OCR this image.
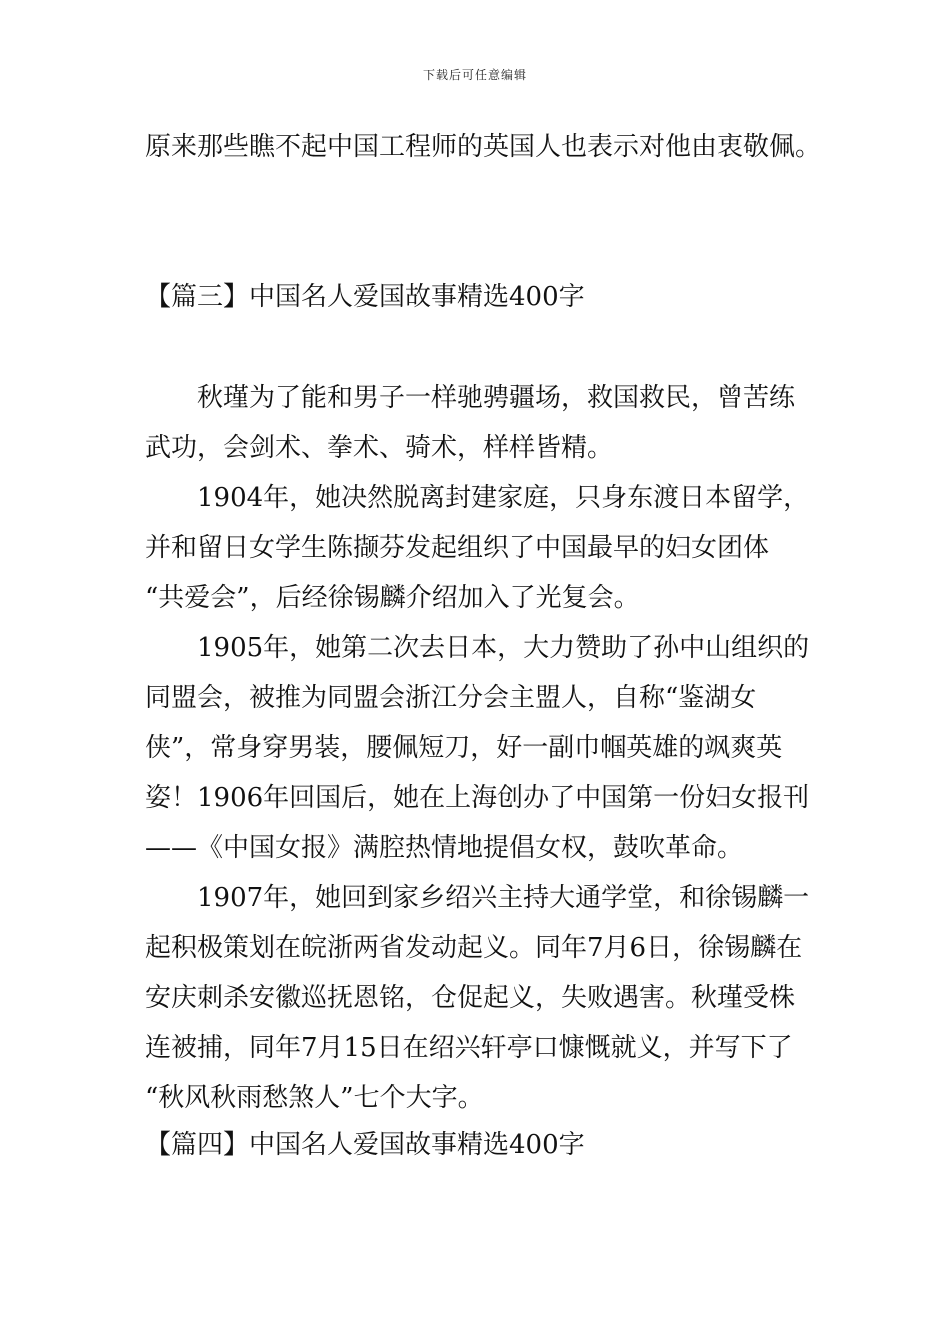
下载后可任意编辑
原来那些瞧不起中国工程师的英国人也表示对他由衷敬佩。
【篇三】中国名人爱国故事精选400字
秋瑾为了能和男子一样驰骋疆场，救国救民，曾苦练
武功，会剑术、拳术、骑术，样样皆精。
1904年，她决然脱离封建家庭，只身东渡日本留学，
并和留日女学生陈撷芬发起组织了中国最早的妇女团体
“共爱会”，后经徐锡麟介绍加入了光复会。
1905年，她第二次去日本，大力赞助了孙中山组织的
同盟会，被推为同盟会浙江分会主盟人，自称“鉴湖女
侠”，常身穿男装，腰佩短刀，好一副巾帼英雄的飒爽英
姿！1906年回国后，她在上海创办了中国第一份妇女报刊
——《中国女报》满腔热情地提倡女权，鼓吹革命。
1907年，她回到家乡绍兴主持大通学堂，和徐锡麟一
起积极策划在皖浙两省发动起义。同年7月6日，徐锡麟在
安庆刺杀安徽巡抚恩铭，仓促起义，失败遇害。秋瑾受株
连被捕，同年7月15日在绍兴轩亭口慷慨就义，并写下了
“秋风秋雨愁煞人”七个大字。
【篇四】中国名人爱国故事精选400字
